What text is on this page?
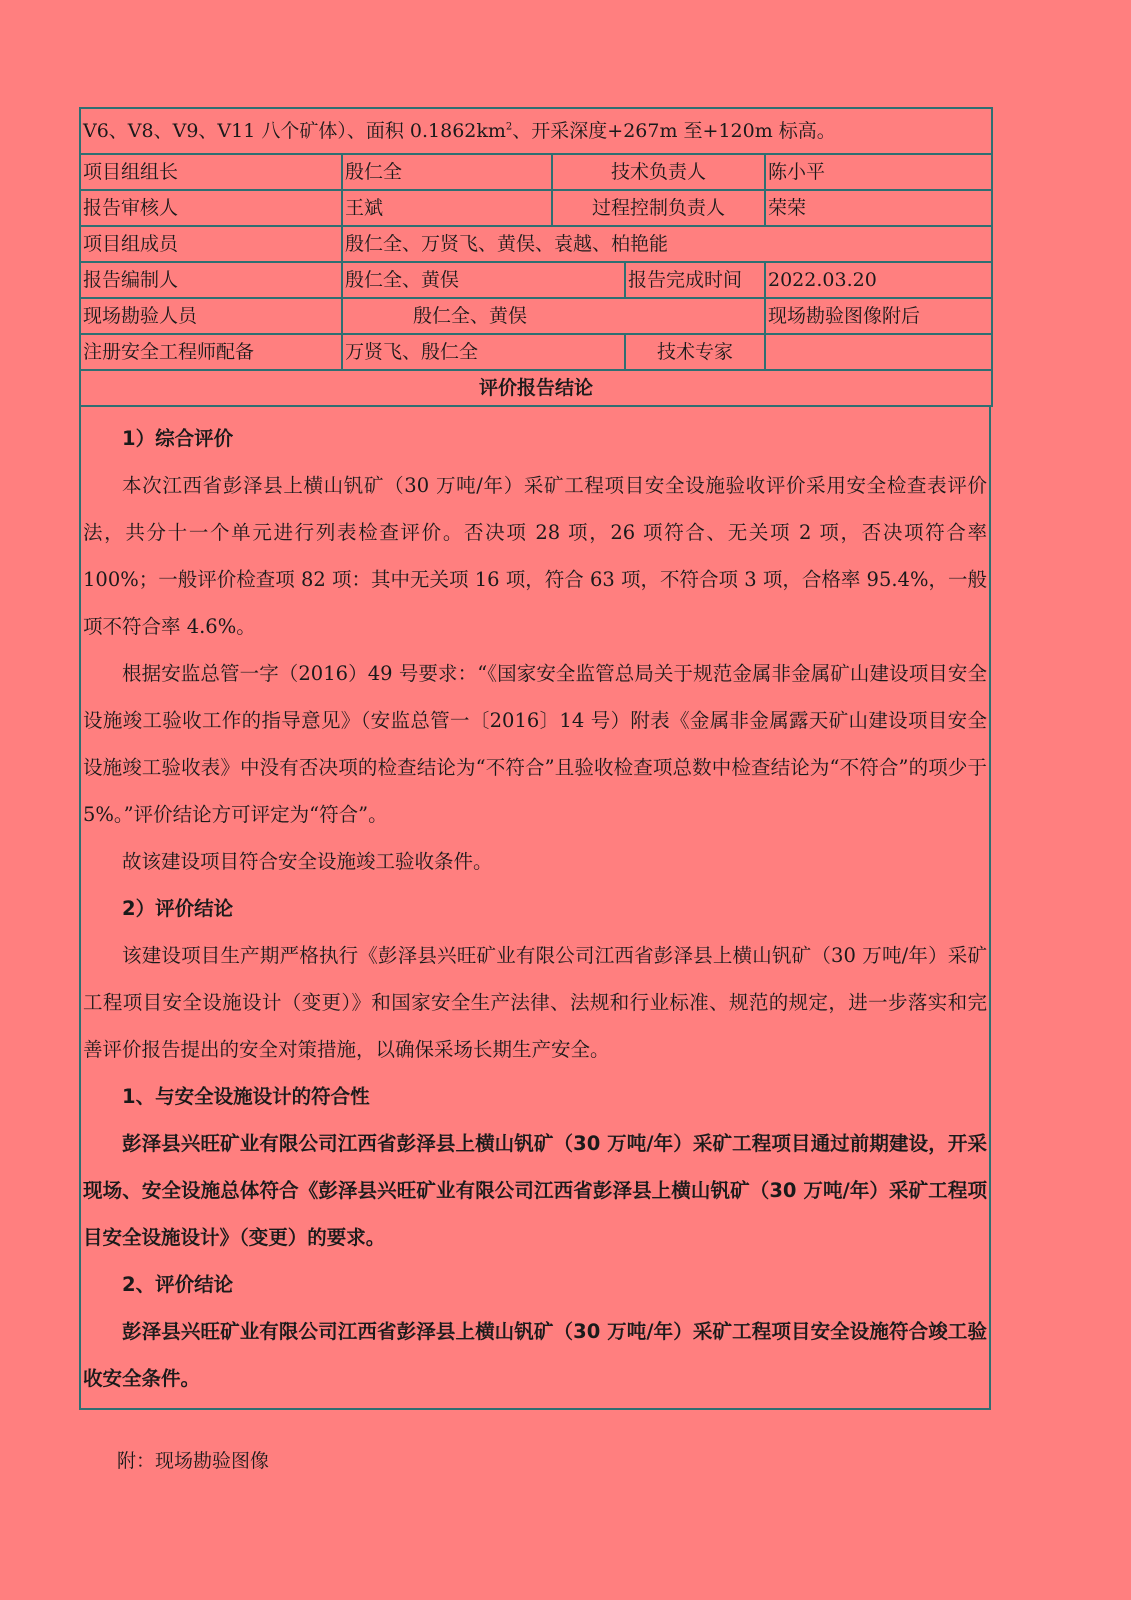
V6、V8、V9、V11 八个矿体）、面积 $0.1862km^2$、开采深度+267m 至+120m 标高。				
项目组组长	殷仁全	技术负责人		陈小平
报告审核人	王斌	过程控制负责人		荣荣
项目组成员	殷仁全、万贤飞、黄俣、袁越、柏艳能			
报告编制人	殷仁全、黄俣		报告完成时间	2022.03.20
现场勘验人员	殷仁全、黄俣			现场勘验图像附后
注册安全工程师配备	万贤飞、殷仁全		技术专家	
评价报告结论				

1）综合评价

本次江西省彭泽县上横山钒矿（30 万吨/年）采矿工程项目安全设施验收评价采用安全检查表评价法，共分十一个单元进行列表检查评价。否决项 28 项，26 项符合、无关项 2 项，否决项符合率 100%；一般评价检查项 82 项：其中无关项 16 项，符合 63 项，不符合项 3 项，合格率 95.4%，一般项不符合率 4.6%。

根据安监总管一字（2016）49 号要求：“《国家安全监管总局关于规范金属非金属矿山建设项目安全设施竣工验收工作的指导意见》（安监总管一〔2016〕14 号）附表《金属非金属露天矿山建设项目安全设施竣工验收表》中没有否决项的检查结论为“不符合”且验收检查项总数中检查结论为“不符合”的项少于 5%。”评价结论方可评定为“符合”。

故该建设项目符合安全设施竣工验收条件。

2）评价结论

该建设项目生产期严格执行《彭泽县兴旺矿业有限公司江西省彭泽县上横山钒矿（30 万吨/年）采矿工程项目安全设施设计（变更）》和国家安全生产法律、法规和行业标准、规范的规定，进一步落实和完善评价报告提出的安全对策措施，以确保采场长期生产安全。

1、与安全设施设计的符合性

彭泽县兴旺矿业有限公司江西省彭泽县上横山钒矿（30 万吨/年）采矿工程项目通过前期建设，开采现场、安全设施总体符合《彭泽县兴旺矿业有限公司江西省彭泽县上横山钒矿（30 万吨/年）采矿工程项目安全设施设计》（变更）的要求。

2、评价结论

彭泽县兴旺矿业有限公司江西省彭泽县上横山钒矿（30 万吨/年）采矿工程项目安全设施符合竣工验收安全条件。

附：现场勘验图像
